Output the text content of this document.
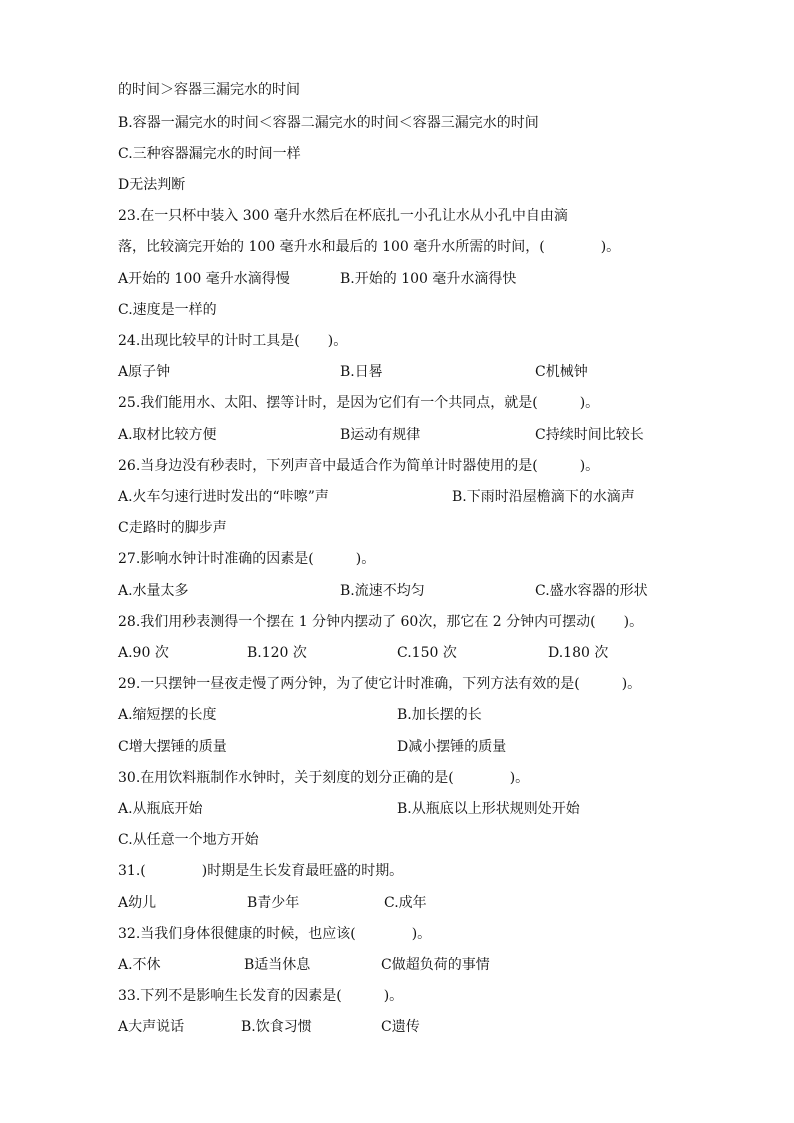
的时间＞容器三漏完水的时间
B.容器一漏完水的时间＜容器二漏完水的时间＜容器三漏完水的时间
C.三种容器漏完水的时间一样
D无法判断
23.在一只杯中装入 300 毫升水然后在杯底扎一小孔让水从小孔中自由滴
落，比较滴完开始的 100 毫升水和最后的 100 毫升水所需的时间，(　　　　)。
A开始的 100 毫升水滴得慢	B.开始的 100 毫升水滴得快
C.速度是一样的
24.出现比较早的计时工具是(　　)。
A原子钟	B.日晷	C机械钟
25.我们能用水、太阳、摆等计时，是因为它们有一个共同点，就是(　　　)。
A.取材比较方便	B运动有规律	C持续时间比较长
26.当身边没有秒表时，下列声音中最适合作为简单计时器使用的是(　　　)。
A.火车匀速行进时发出的“咔嚓”声	B.下雨时沿屋檐滴下的水滴声
C走路时的脚步声
27.影响水钟计时准确的因素是(　　　)。
A.水量太多	B.流速不均匀	C.盛水容器的形状
28.我们用秒表测得一个摆在 1 分钟内摆动了 60次，那它在 2 分钟内可摆动(　　)。
A.90 次	B.120 次	C.150 次	D.180 次
29.一只摆钟一昼夜走慢了两分钟，为了使它计时准确，下列方法有效的是(　　　)。
A.缩短摆的长度	B.加长摆的长
C增大摆锤的质量	D减小摆锤的质量
30.在用饮料瓶制作水钟时，关于刻度的划分正确的是(　　　　)。
A.从瓶底开始	B.从瓶底以上形状规则处开始
C.从任意一个地方开始
31.(　　　　)时期是生长发育最旺盛的时期。
A幼儿	B青少年	C.成年
32.当我们身体很健康的时候，也应该(　　　　)。
A.不休	B适当休息	C做超负荷的事情
33.下列不是影响生长发育的因素是(　　　)。
A大声说话	B.饮食习惯	C遗传
